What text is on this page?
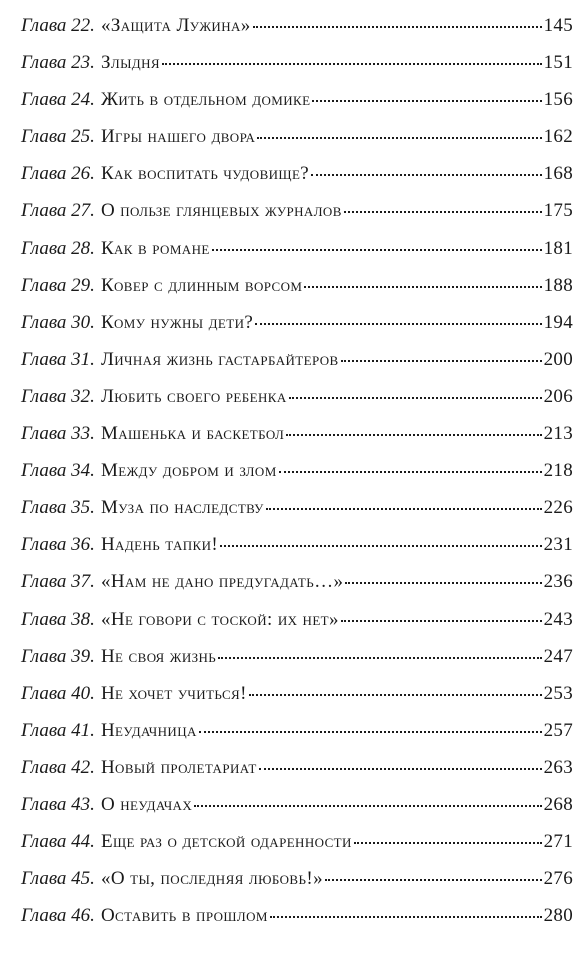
Глава 22. «Защита Лужина»	145
Глава 23. Злыдня	151
Глава 24. Жить в отдельном домике	156
Глава 25. Игры нашего двора	162
Глава 26. Как воспитать чудовище?	168
Глава 27. О пользе глянцевых журналов	175
Глава 28. Как в романе	181
Глава 29. Ковер с длинным ворсом	188
Глава 30. Кому нужны дети?	194
Глава 31. Личная жизнь гастарбайтеров	200
Глава 32. Любить своего ребенка	206
Глава 33. Машенька и баскетбол	213
Глава 34. Между добром и злом	218
Глава 35. Муза по наследству	226
Глава 36. Надень тапки!	231
Глава 37. «Нам не дано предугадать…»	236
Глава 38. «Не говори с тоской: их нет»	243
Глава 39. Не своя жизнь	247
Глава 40. Не хочет учиться!	253
Глава 41. Неудачница	257
Глава 42. Новый пролетариат	263
Глава 43. О неудачах	268
Глава 44. Еще раз о детской одаренности	271
Глава 45. «О ты, последняя любовь!»	276
Глава 46. Оставить в прошлом	280
